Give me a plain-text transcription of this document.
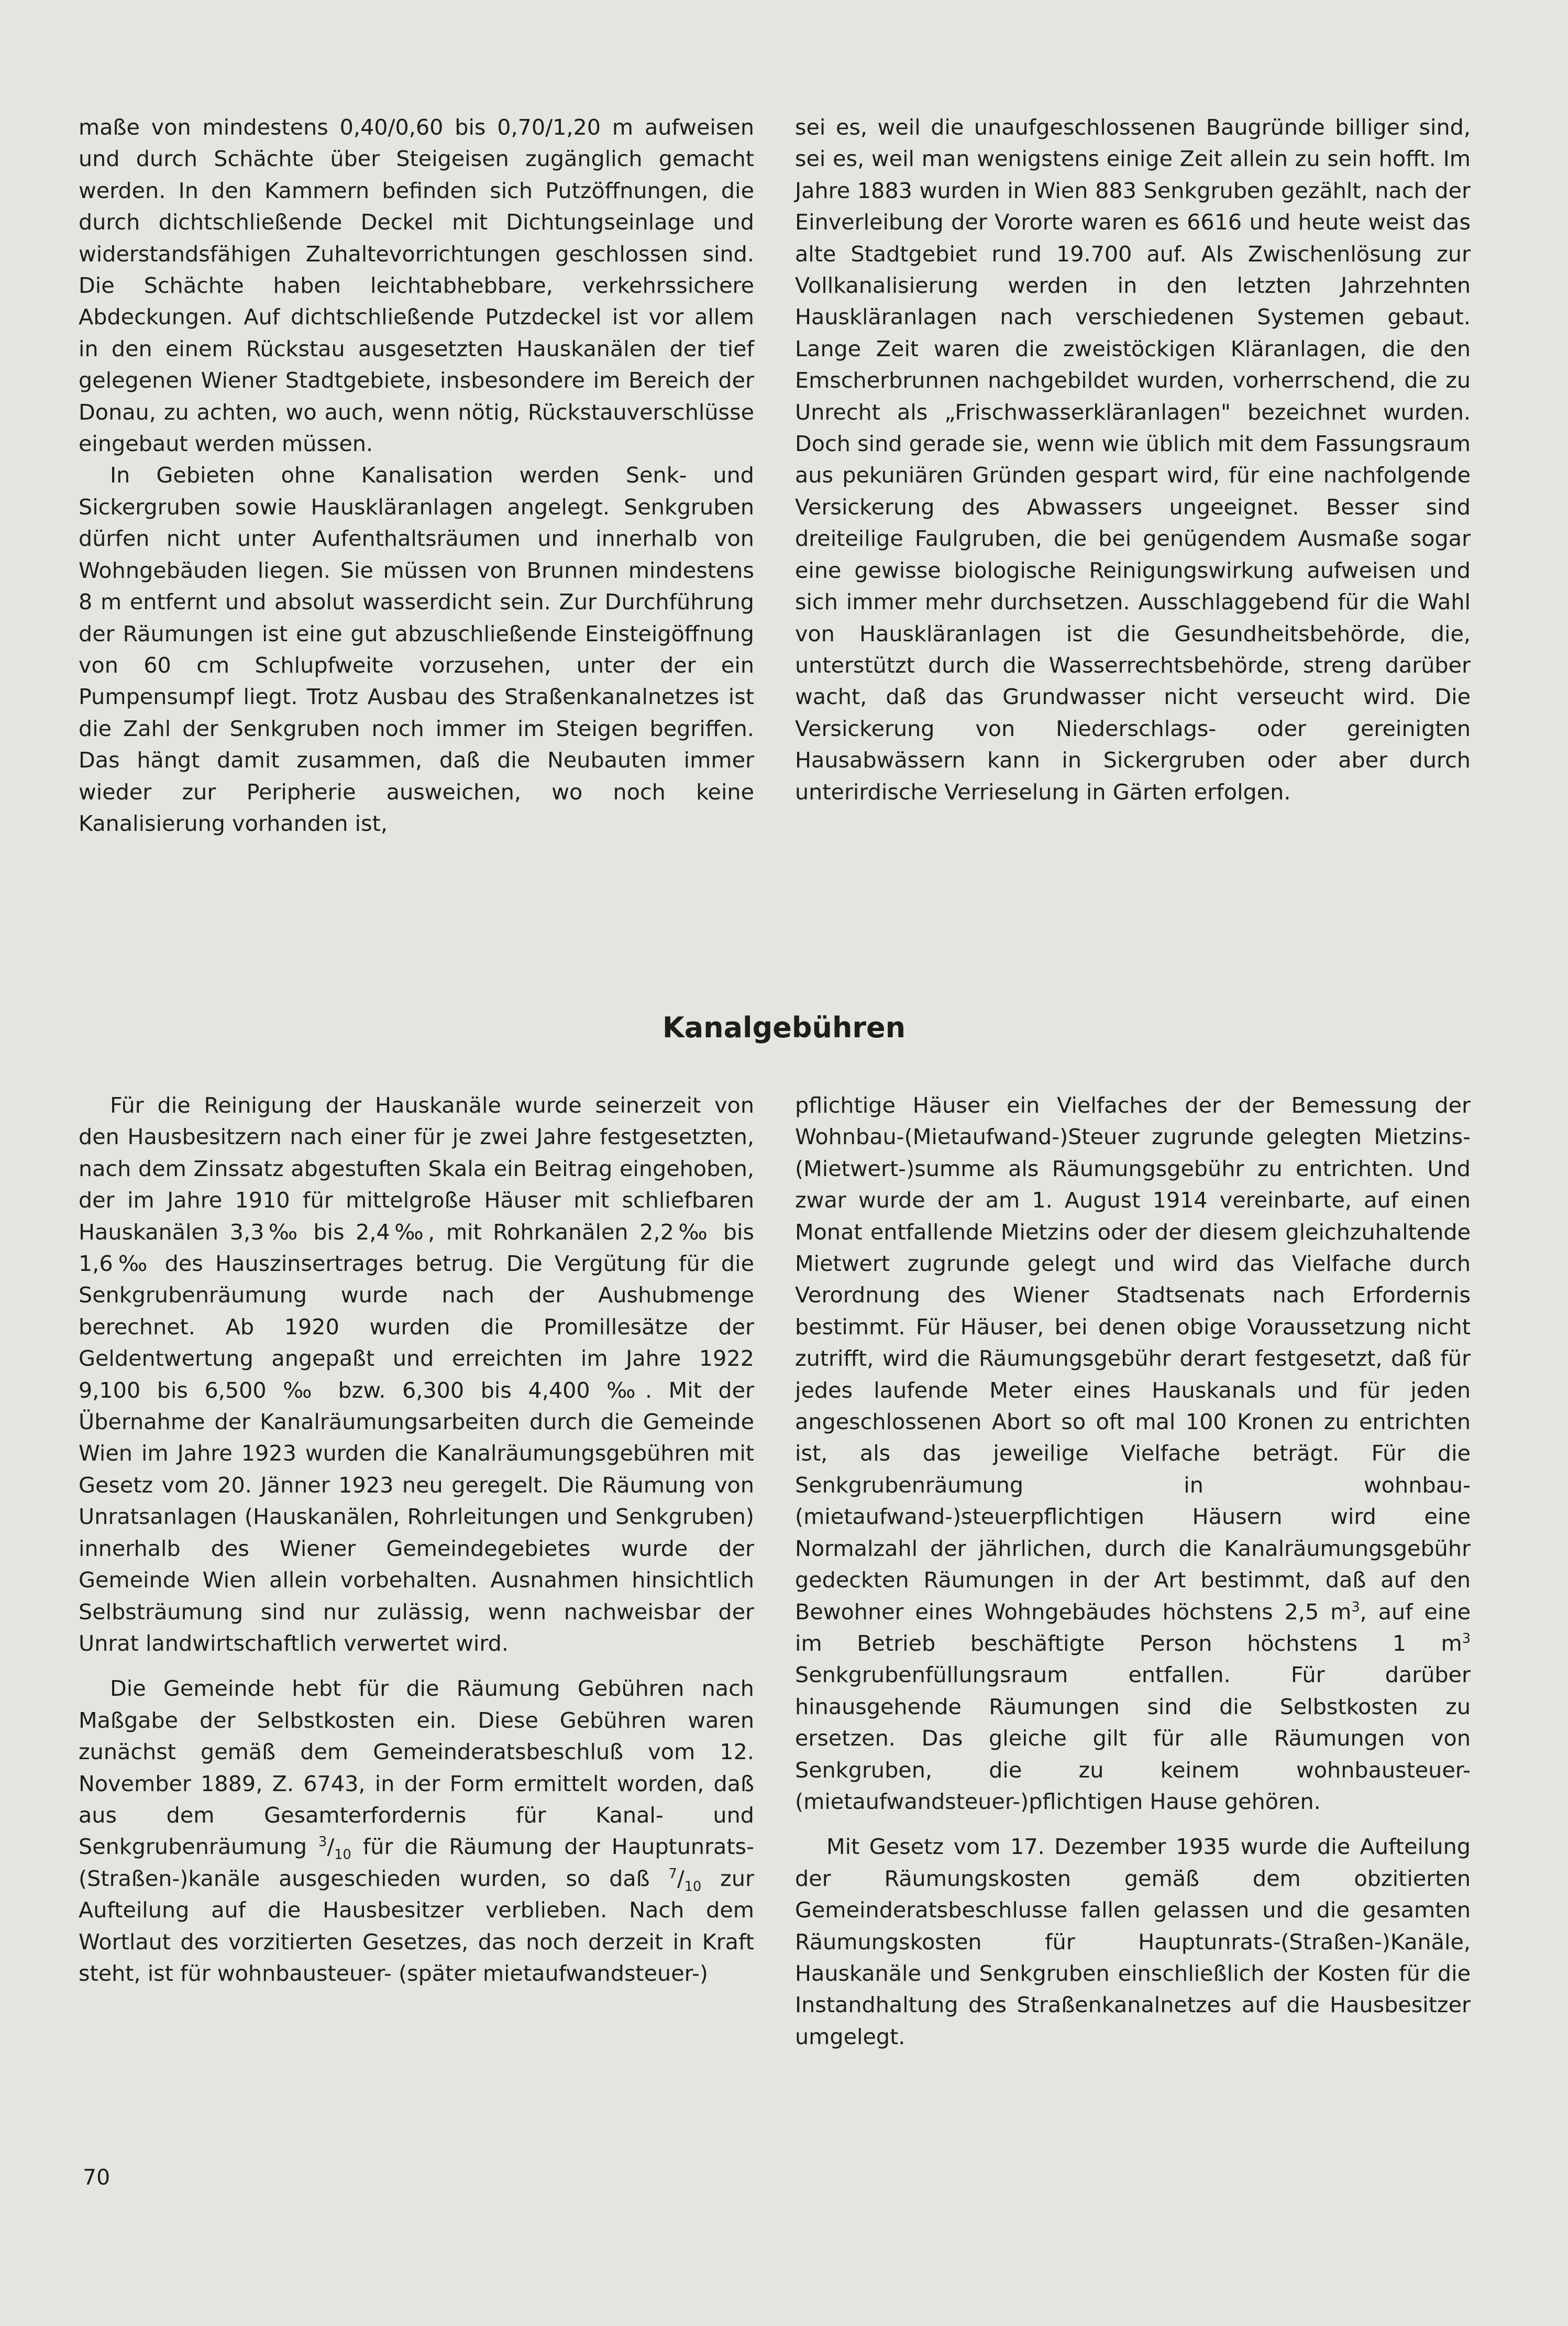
maße von mindestens 0,40/0,60 bis 0,70/1,20 m aufweisen und durch Schächte über Steigeisen zugänglich gemacht werden. In den Kammern befinden sich Putzöffnungen, die durch dichtschließende Deckel mit Dichtungseinlage und widerstandsfähigen Zuhaltevorrichtungen geschlossen sind. Die Schächte haben leichtabhebbare, verkehrssichere Abdeckungen. Auf dichtschließende Putzdeckel ist vor allem in den einem Rückstau ausgesetzten Hauskanälen der tief gelegenen Wiener Stadtgebiete, insbesondere im Bereich der Donau, zu achten, wo auch, wenn nötig, Rückstauverschlüsse eingebaut werden müssen.

In Gebieten ohne Kanalisation werden Senk- und Sickergruben sowie Hauskläranlagen angelegt. Senkgruben dürfen nicht unter Aufenthaltsräumen und innerhalb von Wohngebäuden liegen. Sie müssen von Brunnen mindestens 8 m entfernt und absolut wasserdicht sein. Zur Durchführung der Räumungen ist eine gut abzuschließende Einsteigöffnung von 60 cm Schlupfweite vorzusehen, unter der ein Pumpensumpf liegt. Trotz Ausbau des Straßenkanalnetzes ist die Zahl der Senkgruben noch immer im Steigen begriffen. Das hängt damit zusammen, daß die Neubauten immer wieder zur Peripherie ausweichen, wo noch keine Kanalisierung vorhanden ist,

sei es, weil die unaufgeschlossenen Baugründe billiger sind, sei es, weil man wenigstens einige Zeit allein zu sein hofft. Im Jahre 1883 wurden in Wien 883 Senkgruben gezählt, nach der Einverleibung der Vororte waren es 6616 und heute weist das alte Stadtgebiet rund 19.700 auf. Als Zwischenlösung zur Vollkanalisierung werden in den letzten Jahrzehnten Hauskläranlagen nach verschiedenen Systemen gebaut. Lange Zeit waren die zweistöckigen Kläranlagen, die den Emscherbrunnen nachgebildet wurden, vorherrschend, die zu Unrecht als „Frischwasserkläranlagen" bezeichnet wurden. Doch sind gerade sie, wenn wie üblich mit dem Fassungsraum aus pekuniären Gründen gespart wird, für eine nachfolgende Versickerung des Abwassers ungeeignet. Besser sind dreiteilige Faulgruben, die bei genügendem Ausmaße sogar eine gewisse biologische Reinigungswirkung aufweisen und sich immer mehr durchsetzen. Ausschlaggebend für die Wahl von Hauskläranlagen ist die Gesundheitsbehörde, die, unterstützt durch die Wasserrechtsbehörde, streng darüber wacht, daß das Grundwasser nicht verseucht wird. Die Versickerung von Niederschlags- oder gereinigten Hausabwässern kann in Sickergruben oder aber durch unterirdische Verrieselung in Gärten erfolgen.

Kanalgebühren

Für die Reinigung der Hauskanäle wurde seinerzeit von den Hausbesitzern nach einer für je zwei Jahre festgesetzten, nach dem Zinssatz abgestuften Skala ein Beitrag eingehoben, der im Jahre 1910 für mittelgroße Häuser mit schliefbaren Hauskanälen 3,3‰ bis 2,4‰, mit Rohrkanälen 2,2‰ bis 1,6‰ des Hauszinsertrages betrug. Die Vergütung für die Senkgrubenräumung wurde nach der Aushubmenge berechnet. Ab 1920 wurden die Promillesätze der Geldentwertung angepaßt und erreichten im Jahre 1922 9,100 bis 6,500 ‰ bzw. 6,300 bis 4,400 ‰. Mit der Übernahme der Kanalräumungsarbeiten durch die Gemeinde Wien im Jahre 1923 wurden die Kanalräumungsgebühren mit Gesetz vom 20. Jänner 1923 neu geregelt. Die Räumung von Unratsanlagen (Hauskanälen, Rohrleitungen und Senkgruben) innerhalb des Wiener Gemeindegebietes wurde der Gemeinde Wien allein vorbehalten. Ausnahmen hinsichtlich Selbsträumung sind nur zulässig, wenn nachweisbar der Unrat landwirtschaftlich verwertet wird.

Die Gemeinde hebt für die Räumung Gebühren nach Maßgabe der Selbstkosten ein. Diese Gebühren waren zunächst gemäß dem Gemeinderatsbeschluß vom 12. November 1889, Z. 6743, in der Form ermittelt worden, daß aus dem Gesamterfordernis für Kanal- und Senkgrubenräumung $^3/_{10}$ für die Räumung der Hauptunrats-(Straßen-)kanäle ausgeschieden wurden, so daß $^7/_{10}$ zur Aufteilung auf die Hausbesitzer verblieben. Nach dem Wortlaut des vorzitierten Gesetzes, das noch derzeit in Kraft steht, ist für wohnbausteuer- (später mietaufwandsteuer-)

pflichtige Häuser ein Vielfaches der der Bemessung der Wohnbau-(Mietaufwand-)Steuer zugrunde gelegten Mietzins-(Mietwert-)summe als Räumungsgebühr zu entrichten. Und zwar wurde der am 1. August 1914 vereinbarte, auf einen Monat entfallende Mietzins oder der diesem gleichzuhaltende Mietwert zugrunde gelegt und wird das Vielfache durch Verordnung des Wiener Stadtsenats nach Erfordernis bestimmt. Für Häuser, bei denen obige Voraussetzung nicht zutrifft, wird die Räumungsgebühr derart festgesetzt, daß für jedes laufende Meter eines Hauskanals und für jeden angeschlossenen Abort so oft mal 100 Kronen zu entrichten ist, als das jeweilige Vielfache beträgt. Für die Senkgrubenräumung in wohnbau-(mietaufwand-)steuerpflichtigen Häusern wird eine Normalzahl der jährlichen, durch die Kanalräumungsgebühr gedeckten Räumungen in der Art bestimmt, daß auf den Bewohner eines Wohngebäudes höchstens 2,5 $m^3$, auf eine im Betrieb beschäftigte Person höchstens 1 $m^3$ Senkgrubenfüllungsraum entfallen. Für darüber hinausgehende Räumungen sind die Selbstkosten zu ersetzen. Das gleiche gilt für alle Räumungen von Senkgruben, die zu keinem wohnbausteuer-(mietaufwandsteuer-)pflichtigen Hause gehören.

Mit Gesetz vom 17. Dezember 1935 wurde die Aufteilung der Räumungskosten gemäß dem obzitierten Gemeinderatsbeschlusse fallen gelassen und die gesamten Räumungskosten für Hauptunrats-(Straßen-)Kanäle, Hauskanäle und Senkgruben einschließlich der Kosten für die Instandhaltung des Straßenkanalnetzes auf die Hausbesitzer umgelegt.

70
